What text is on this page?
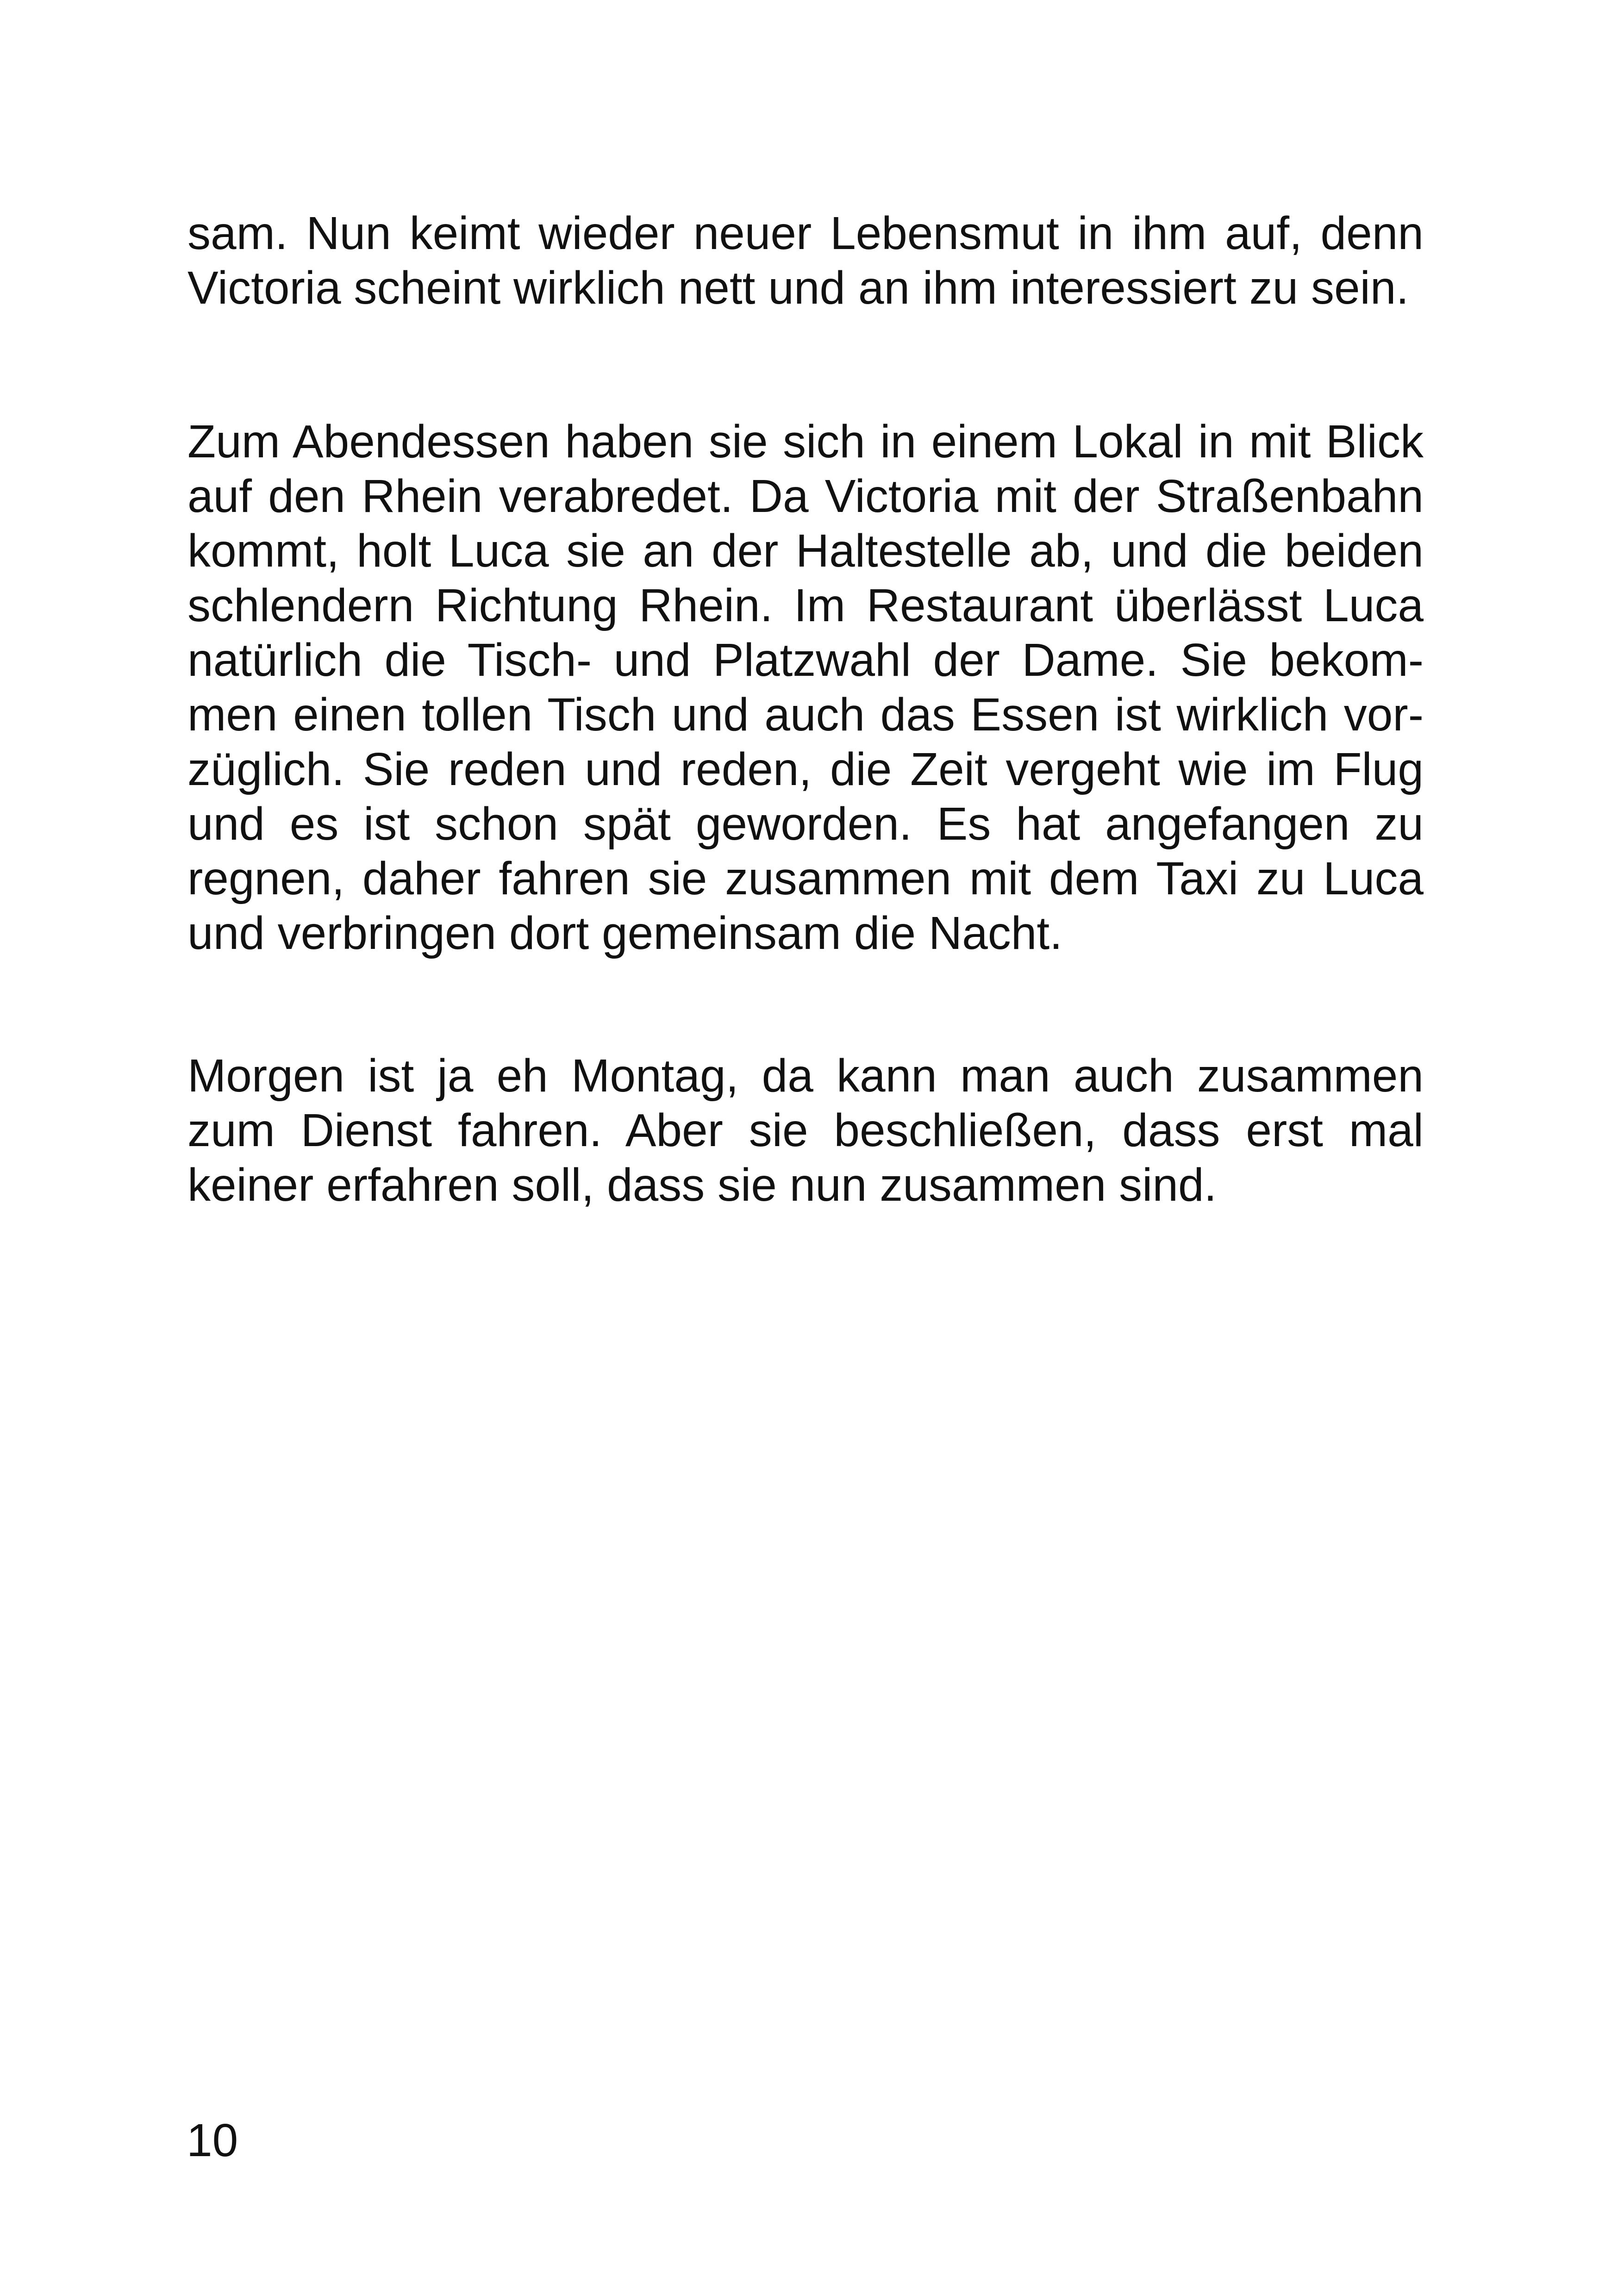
sam. Nun keimt wieder neuer Lebensmut in ihm auf, denn
Victoria scheint wirklich nett und an ihm interessiert zu sein.
Zum Abendessen haben sie sich in einem Lokal in mit Blick
auf den Rhein verabredet. Da Victoria mit der Straßenbahn
kommt, holt Luca sie an der Haltestelle ab, und die beiden
schlendern Richtung Rhein. Im Restaurant überlässt Luca
natürlich die Tisch- und Platzwahl der Dame. Sie bekom-
men einen tollen Tisch und auch das Essen ist wirklich vor-
züglich. Sie reden und reden, die Zeit vergeht wie im Flug
und es ist schon spät geworden. Es hat angefangen zu
regnen, daher fahren sie zusammen mit dem Taxi zu Luca
und verbringen dort gemeinsam die Nacht.
Morgen ist ja eh Montag, da kann man auch zusammen
zum Dienst fahren. Aber sie beschließen, dass erst mal
keiner erfahren soll, dass sie nun zusammen sind.
10
